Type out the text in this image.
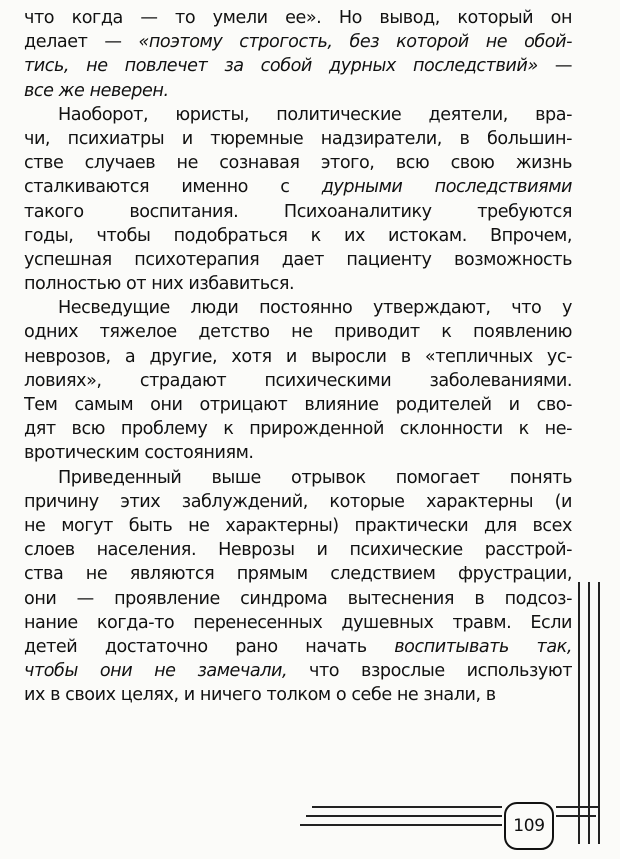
что когда — то умели ее». Но вывод, который он
делает — «поэтому строгость, без которой не обой-
тись, не повлечет за собой дурных последствий» —
все же неверен.
Наоборот, юристы, политические деятели, вра-
чи, психиатры и тюремные надзиратели, в большин-
стве случаев не сознавая этого, всю свою жизнь
сталкиваются именно с дурными последствиями
такого воспитания. Психоаналитику требуются
годы, чтобы подобраться к их истокам. Впрочем,
успешная психотерапия дает пациенту возможность
полностью от них избавиться.
Несведущие люди постоянно утверждают, что у
одних тяжелое детство не приводит к появлению
неврозов, а другие, хотя и выросли в «тепличных ус-
ловиях», страдают психическими заболеваниями.
Тем самым они отрицают влияние родителей и сво-
дят всю проблему к прирожденной склонности к не-
вротическим состояниям.
Приведенный выше отрывок помогает понять
причину этих заблуждений, которые характерны (и
не могут быть не характерны) практически для всех
слоев населения. Неврозы и психические расстрой-
ства не являются прямым следствием фрустрации,
они — проявление синдрома вытеснения в подсоз-
нание когда-то перенесенных душевных травм. Если
детей достаточно рано начать воспитывать так,
чтобы они не замечали, что взрослые используют
их в своих целях, и ничего толком о себе не знали, в
109
